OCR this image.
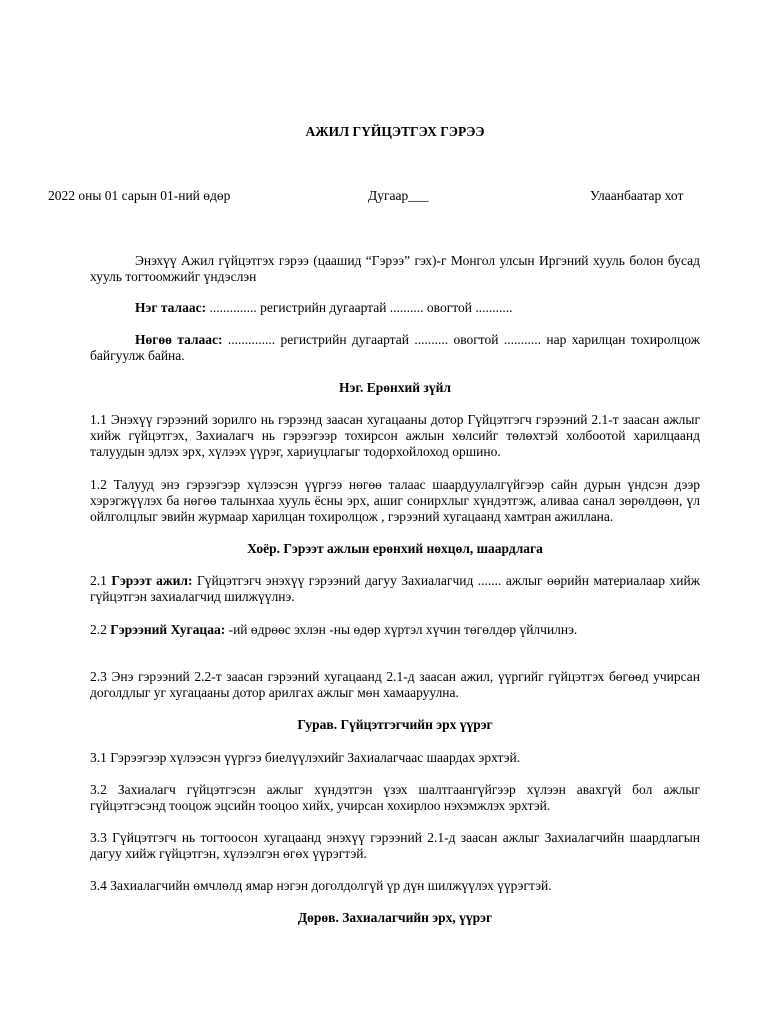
АЖИЛ ГҮЙЦЭТГЭХ ГЭРЭЭ
2022 оны 01 сарын 01-ний өдөр	Дугаар___	Улаанбаатар хот

Энэхүү Ажил гүйцэтгэх гэрээ (цаашид “Гэрээ” гэх)-г Монгол улсын Иргэний хууль болон бусад хууль тогтоомжийг үндэслэн

Нэг талаас: .............. регистрийн дугаартай .......... овогтой ...........

Нөгөө талаас: .............. регистрийн дугаартай .......... овогтой ........... нар харилцан тохиролцож байгуулж байна.

Нэг. Ерөнхий зүйл

1.1 Энэхүү гэрээний зорилго нь гэрээнд заасан хугацааны дотор Гүйцэтгэгч гэрээний 2.1-т заасан ажлыг хийж гүйцэтгэх, Захиалагч нь гэрээгээр тохирсон ажлын хөлсийг төлөхтэй холбоотой харилцаанд талуудын эдлэх эрх, хүлээх үүрэг, хариуцлагыг тодорхойлоход оршино.

1.2 Талууд энэ гэрээгээр хүлээсэн үүргээ нөгөө талаас шаардуулалгүйгээр сайн дурын үндсэн дээр хэрэгжүүлэх ба нөгөө талынхаа хууль ёсны эрх, ашиг сонирхлыг хүндэтгэж, аливаа санал зөрөлдөөн, үл ойлголцлыг эвийн журмаар харилцан тохиролцож , гэрээний хугацаанд хамтран ажиллана.

Хоёр. Гэрээт ажлын ерөнхий нөхцөл, шаардлага

2.1 Гэрээт ажил: Гүйцэтгэгч энэхүү гэрээний дагуу Захиалагчид ....... ажлыг өөрийн материалаар хийж гүйцэтгэн захиалагчид шилжүүлнэ.

2.2 Гэрээний Хугацаа: -ий өдрөөс эхлэн -ны өдөр хүртэл хүчин төгөлдөр үйлчилнэ.

2.3 Энэ гэрээний 2.2-т заасан гэрээний хугацаанд 2.1-д заасан ажил, үүргийг гүйцэтгэх бөгөөд учирсан доголдлыг уг хугацааны дотор арилгах ажлыг мөн хамааруулна.

Гурав. Гүйцэтгэгчийн эрх үүрэг

3.1 Гэрээгээр хүлээсэн үүргээ биелүүлэхийг Захиалагчаас шаардах эрхтэй.

3.2 Захиалагч гүйцэтгэсэн ажлыг хүндэтгэн үзэх шалтгаангүйгээр хүлээн авахгүй бол ажлыг гүйцэтгэсэнд тооцож эцсийн тооцоо хийх, учирсан хохирлоо нэхэмжлэх эрхтэй.

3.3 Гүйцэтгэгч нь тогтоосон хугацаанд энэхүү гэрээний 2.1-д заасан ажлыг Захиалагчийн шаардлагын дагуу хийж гүйцэтгэн, хүлээлгэн өгөх үүрэгтэй.

3.4 Захиалагчийн өмчлөлд ямар нэгэн доголдолгүй үр дүн шилжүүлэх үүрэгтэй.

Дөрөв. Захиалагчийн эрх, үүрэг
